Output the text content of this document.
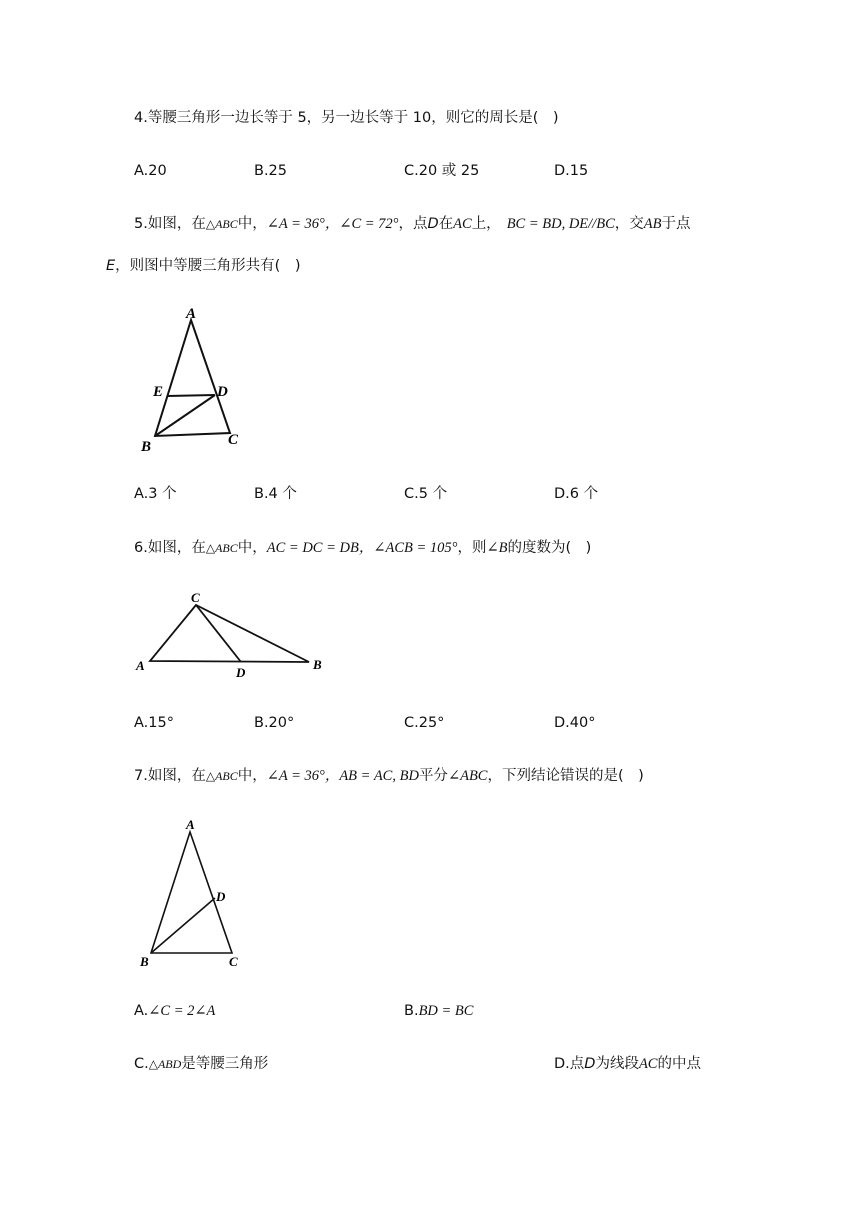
4.等腰三角形一边长等于 5，另一边长等于 10，则它的周长是(　)
A.20	B.25	C.20 或 25	D.15
5.如图，在△ABC中，∠A = 36°，∠C = 72°，点D在AC上， BC = BD, DE//BC，交AB于点
E，则图中等腰三角形共有(　)
A
E	D
B	C
A.3 个	B.4 个	C.5 个	D.6 个
6.如图，在△ABC中，AC = DC = DB，∠ACB = 105°，则∠B的度数为(　)
C
A	D
B
A.15°	B.20°	C.25°	D.40°
7.如图，在△ABC中，∠A = 36°，AB = AC, BD平分∠ABC，下列结论错误的是(　)
A
D
B	C
A.∠C = 2∠A	B.BD = BC
C.△ABD是等腰三角形	D.点D为线段AC的中点
